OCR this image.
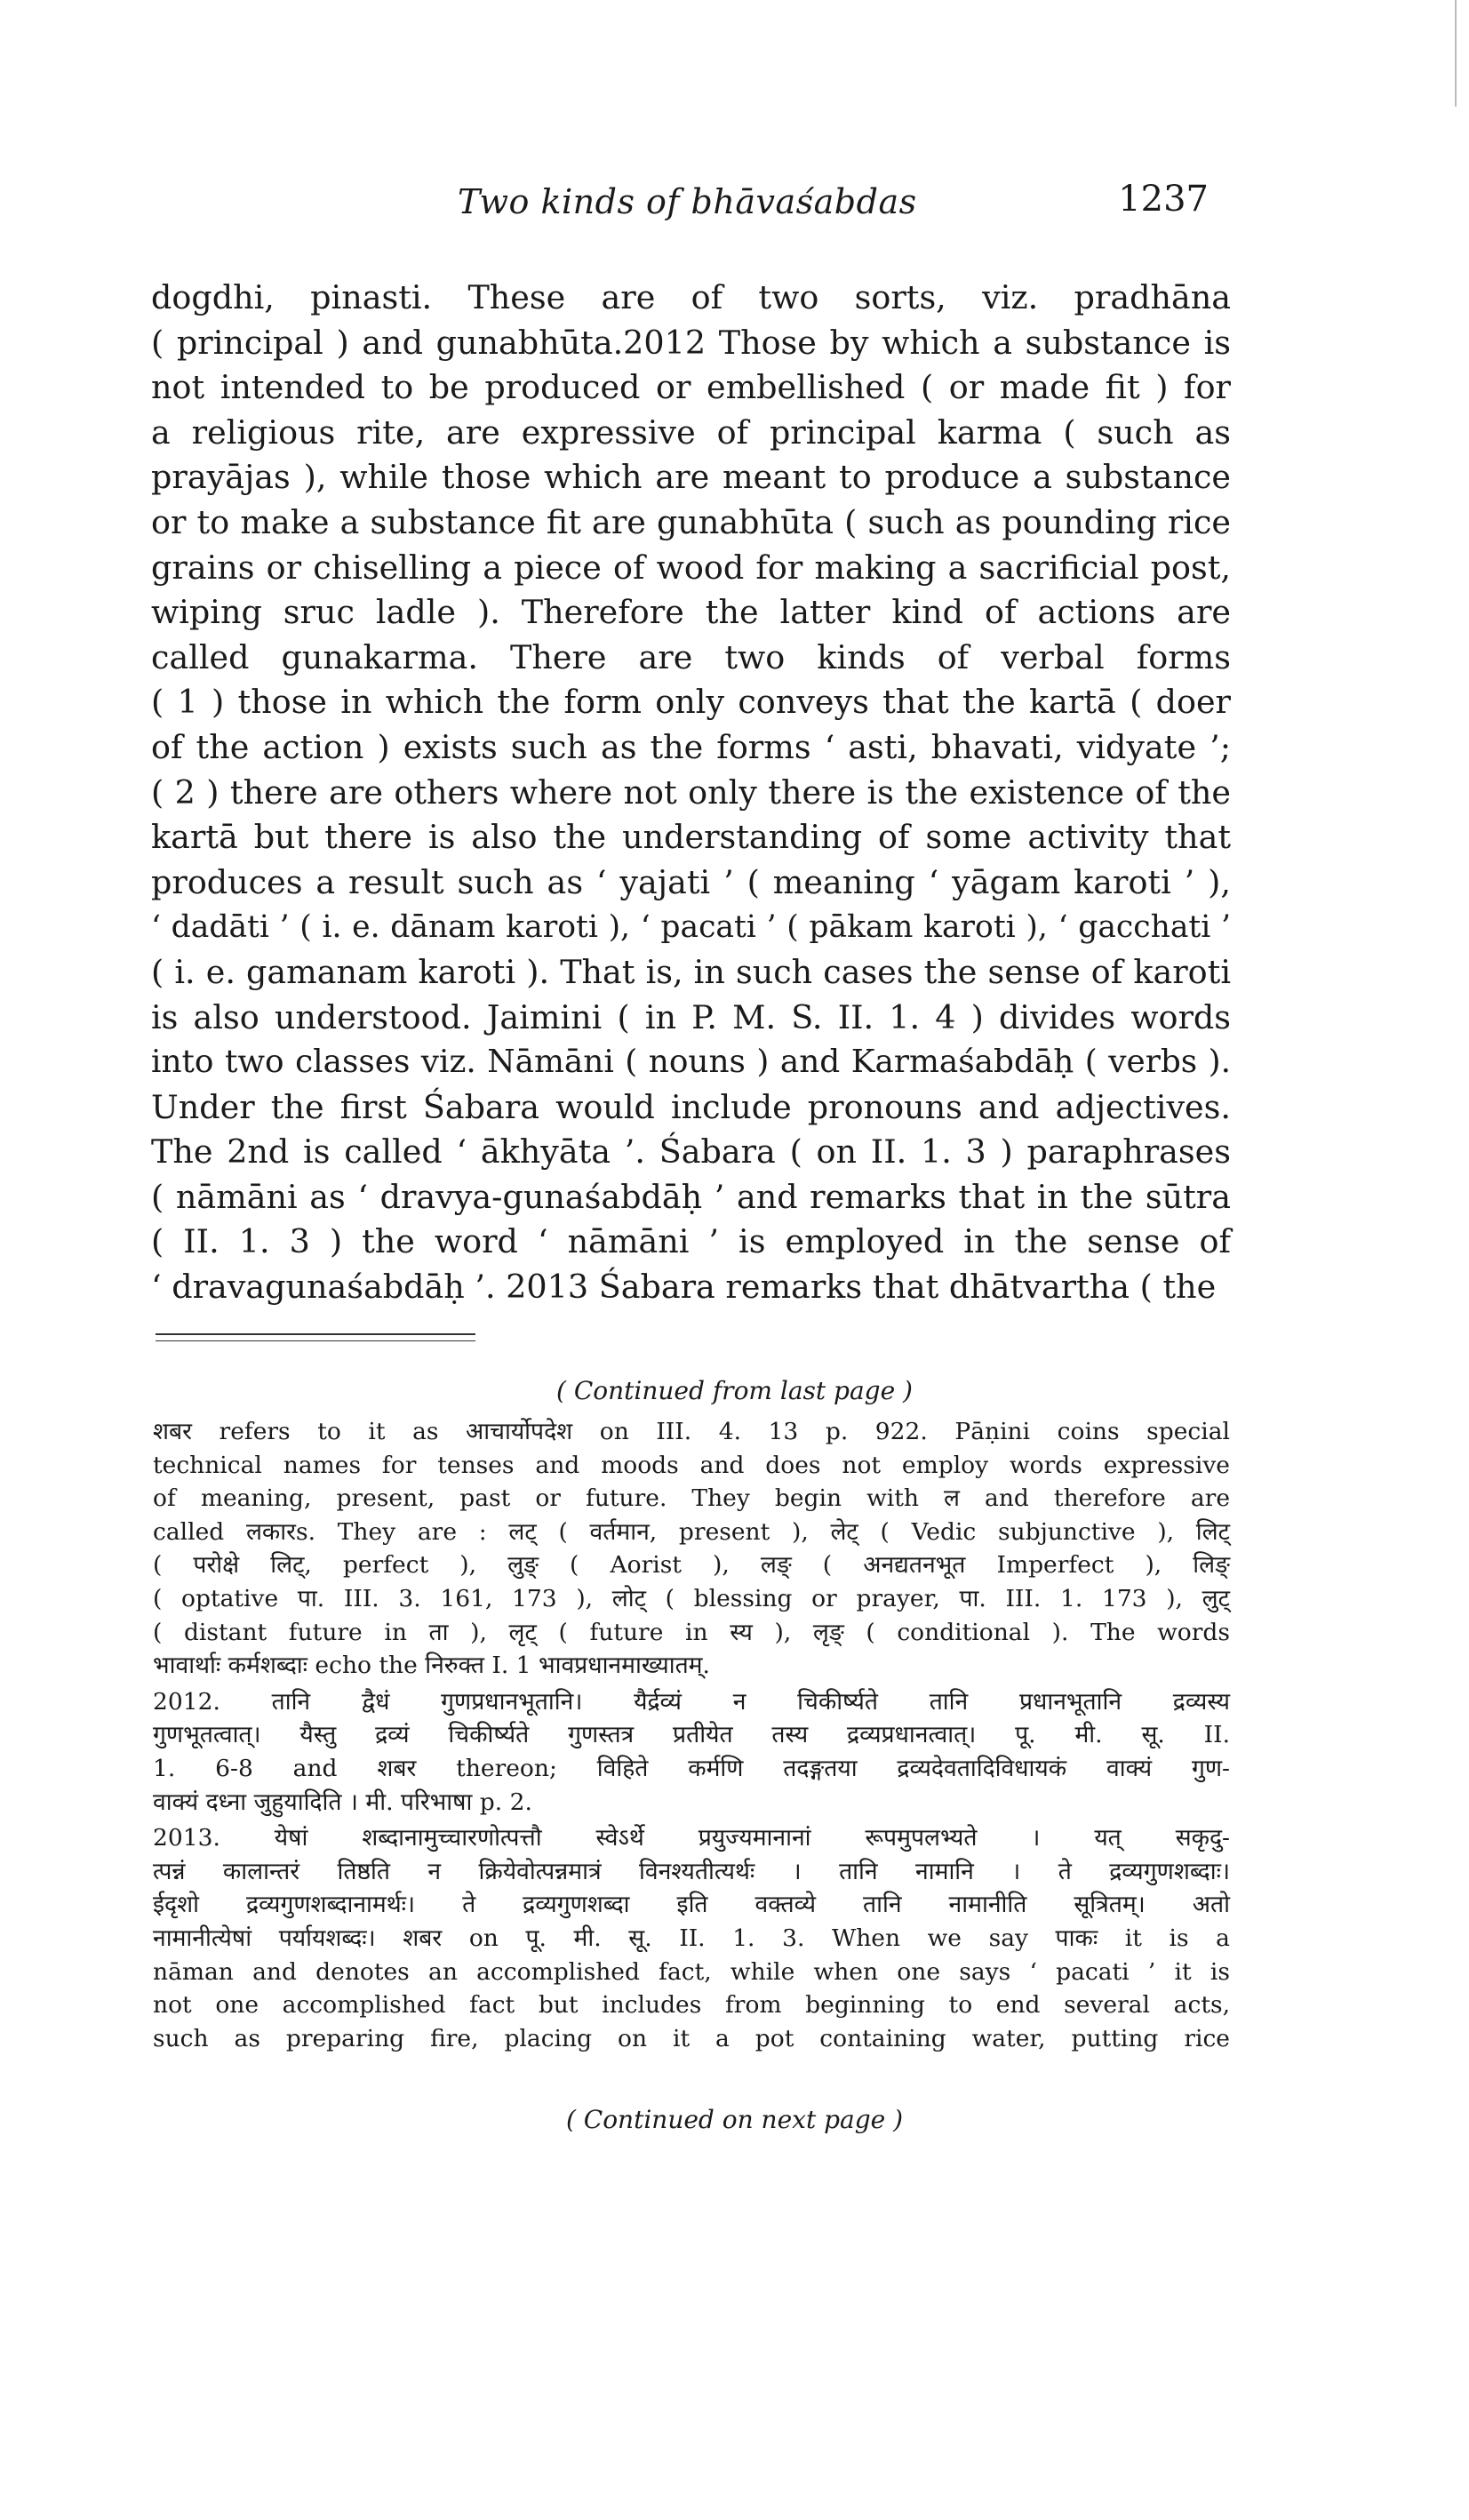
Two kinds of bhāvaśabdas	1237
dogdhi, pinasti. These are of two sorts, viz. pradhāna
( principal ) and gunabhūta.2012 Those by which a substance is
not intended to be produced or embellished ( or made fit ) for
a religious rite, are expressive of principal karma ( such as
prayājas ), while those which are meant to produce a substance
or to make a substance fit are gunabhūta ( such as pounding rice
grains or chiselling a piece of wood for making a sacrificial post,
wiping sruc ladle ). Therefore the latter kind of actions are
called gunakarma. There are two kinds of verbal forms
( 1 ) those in which the form only conveys that the kartā ( doer
of the action ) exists such as the forms ‘ asti, bhavati, vidyate ’;
( 2 ) there are others where not only there is the existence of the
kartā but there is also the understanding of some activity that
produces a result such as ‘ yajati ’ ( meaning ‘ yāgam karoti ’ ),
‘ dadāti ’ ( i. e. dānam karoti ), ‘ pacati ’ ( pākam karoti ), ‘ gacchati ’
( i. e. gamanam karoti ). That is, in such cases the sense of karoti
is also understood. Jaimini ( in P. M. S. II. 1. 4 ) divides words
into two classes viz. Nāmāni ( nouns ) and Karmaśabdāḥ ( verbs ).
Under the first Śabara would include pronouns and adjectives.
The 2nd is called ‘ ākhyāta ’. Śabara ( on II. 1. 3 ) paraphrases
( nāmāni as ‘ dravya-gunaśabdāḥ ’ and remarks that in the sūtra
( II. 1. 3 ) the word ‘ nāmāni ’ is employed in the sense of
‘ dravagunaśabdāḥ ’. 2013 Śabara remarks that dhātvartha ( the
( Continued from last page )
शबर refers to it as आचार्योपदेश on III. 4. 13 p. 922. Pāṇini coins special
technical names for tenses and moods and does not employ words expressive
of meaning, present, past or future. They begin with ल and therefore are
called लकारs. They are : लट् ( वर्तमान, present ), लेट् ( Vedic subjunctive ), लिट्
( परोक्षे लिट्, perfect ), लुङ् ( Aorist ), लङ् ( अनद्यतनभूत Imperfect ), लिङ्
( optative पा. III. 3. 161, 173 ), लोट् ( blessing or prayer, पा. III. 1. 173 ), लुट्
( distant future in ता ), लृट् ( future in स्य ), लृङ् ( conditional ). The words
भावार्थाः कर्मशब्दाः echo the निरुक्त I. 1 भावप्रधानमाख्यातम्.
2012. तानि द्वैधं गुणप्रधानभूतानि। यैर्द्रव्यं न चिकीर्ष्यते तानि प्रधानभूतानि द्रव्यस्य
गुणभूतत्वात्। यैस्तु द्रव्यं चिकीर्ष्यते गुणस्तत्र प्रतीयेत तस्य द्रव्यप्रधानत्वात्। पू. मी. सू. II.
1. 6-8 and शबर thereon; विहिते कर्मणि तदङ्गतया द्रव्यदेवतादिविधायकं वाक्यं गुण-
वाक्यं दध्ना जुहुयादिति । मी. परिभाषा p. 2.
2013. येषां शब्दानामुच्चारणोत्पत्तौ स्वेऽर्थे प्रयुज्यमानानां रूपमुपलभ्यते । यत् सकृदु-
त्पन्नं कालान्तरं तिष्ठति न क्रियेवोत्पन्नमात्रं विनश्यतीत्यर्थः । तानि नामानि । ते द्रव्यगुणशब्दाः।
ईदृशो द्रव्यगुणशब्दानामर्थः। ते द्रव्यगुणशब्दा इति वक्तव्ये तानि नामानीति सूत्रितम्। अतो
नामानीत्येषां पर्यायशब्दः। शबर on पू. मी. सू. II. 1. 3. When we say पाकः it is a
nāman and denotes an accomplished fact, while when one says ‘ pacati ’ it is
not one accomplished fact but includes from beginning to end several acts,
such as preparing fire, placing on it a pot containing water, putting rice
( Continued on next page )
